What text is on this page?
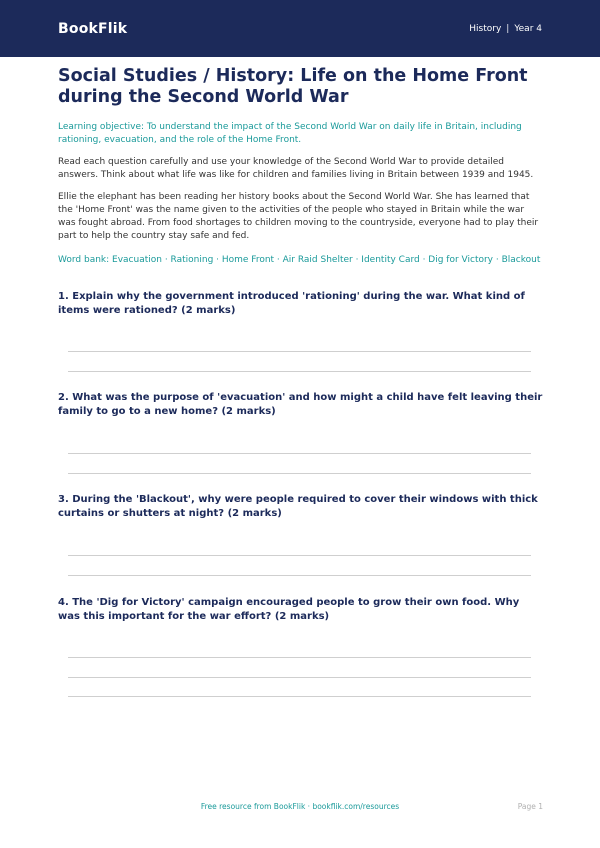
BookFlik	History | Year 4
Social Studies / History: Life on the Home Front during the Second World War

Learning objective: To understand the impact of the Second World War on daily life in Britain, including rationing, evacuation, and the role of the Home Front.

Read each question carefully and use your knowledge of the Second World War to provide detailed answers. Think about what life was like for children and families living in Britain between 1939 and 1945.

Ellie the elephant has been reading her history books about the Second World War. She has learned that the 'Home Front' was the name given to the activities of the people who stayed in Britain while the war was fought abroad. From food shortages to children moving to the countryside, everyone had to play their part to help the country stay safe and fed.

Word bank: Evacuation · Rationing · Home Front · Air Raid Shelter · Identity Card · Dig for Victory · Blackout

1. Explain why the government introduced 'rationing' during the war. What kind of items were rationed? (2 marks)

2. What was the purpose of 'evacuation' and how might a child have felt leaving their family to go to a new home? (2 marks)

3. During the 'Blackout', why were people required to cover their windows with thick curtains or shutters at night? (2 marks)

4. The 'Dig for Victory' campaign encouraged people to grow their own food. Why was this important for the war effort? (2 marks)

Free resource from BookFlik · bookflik.com/resources	Page 1
